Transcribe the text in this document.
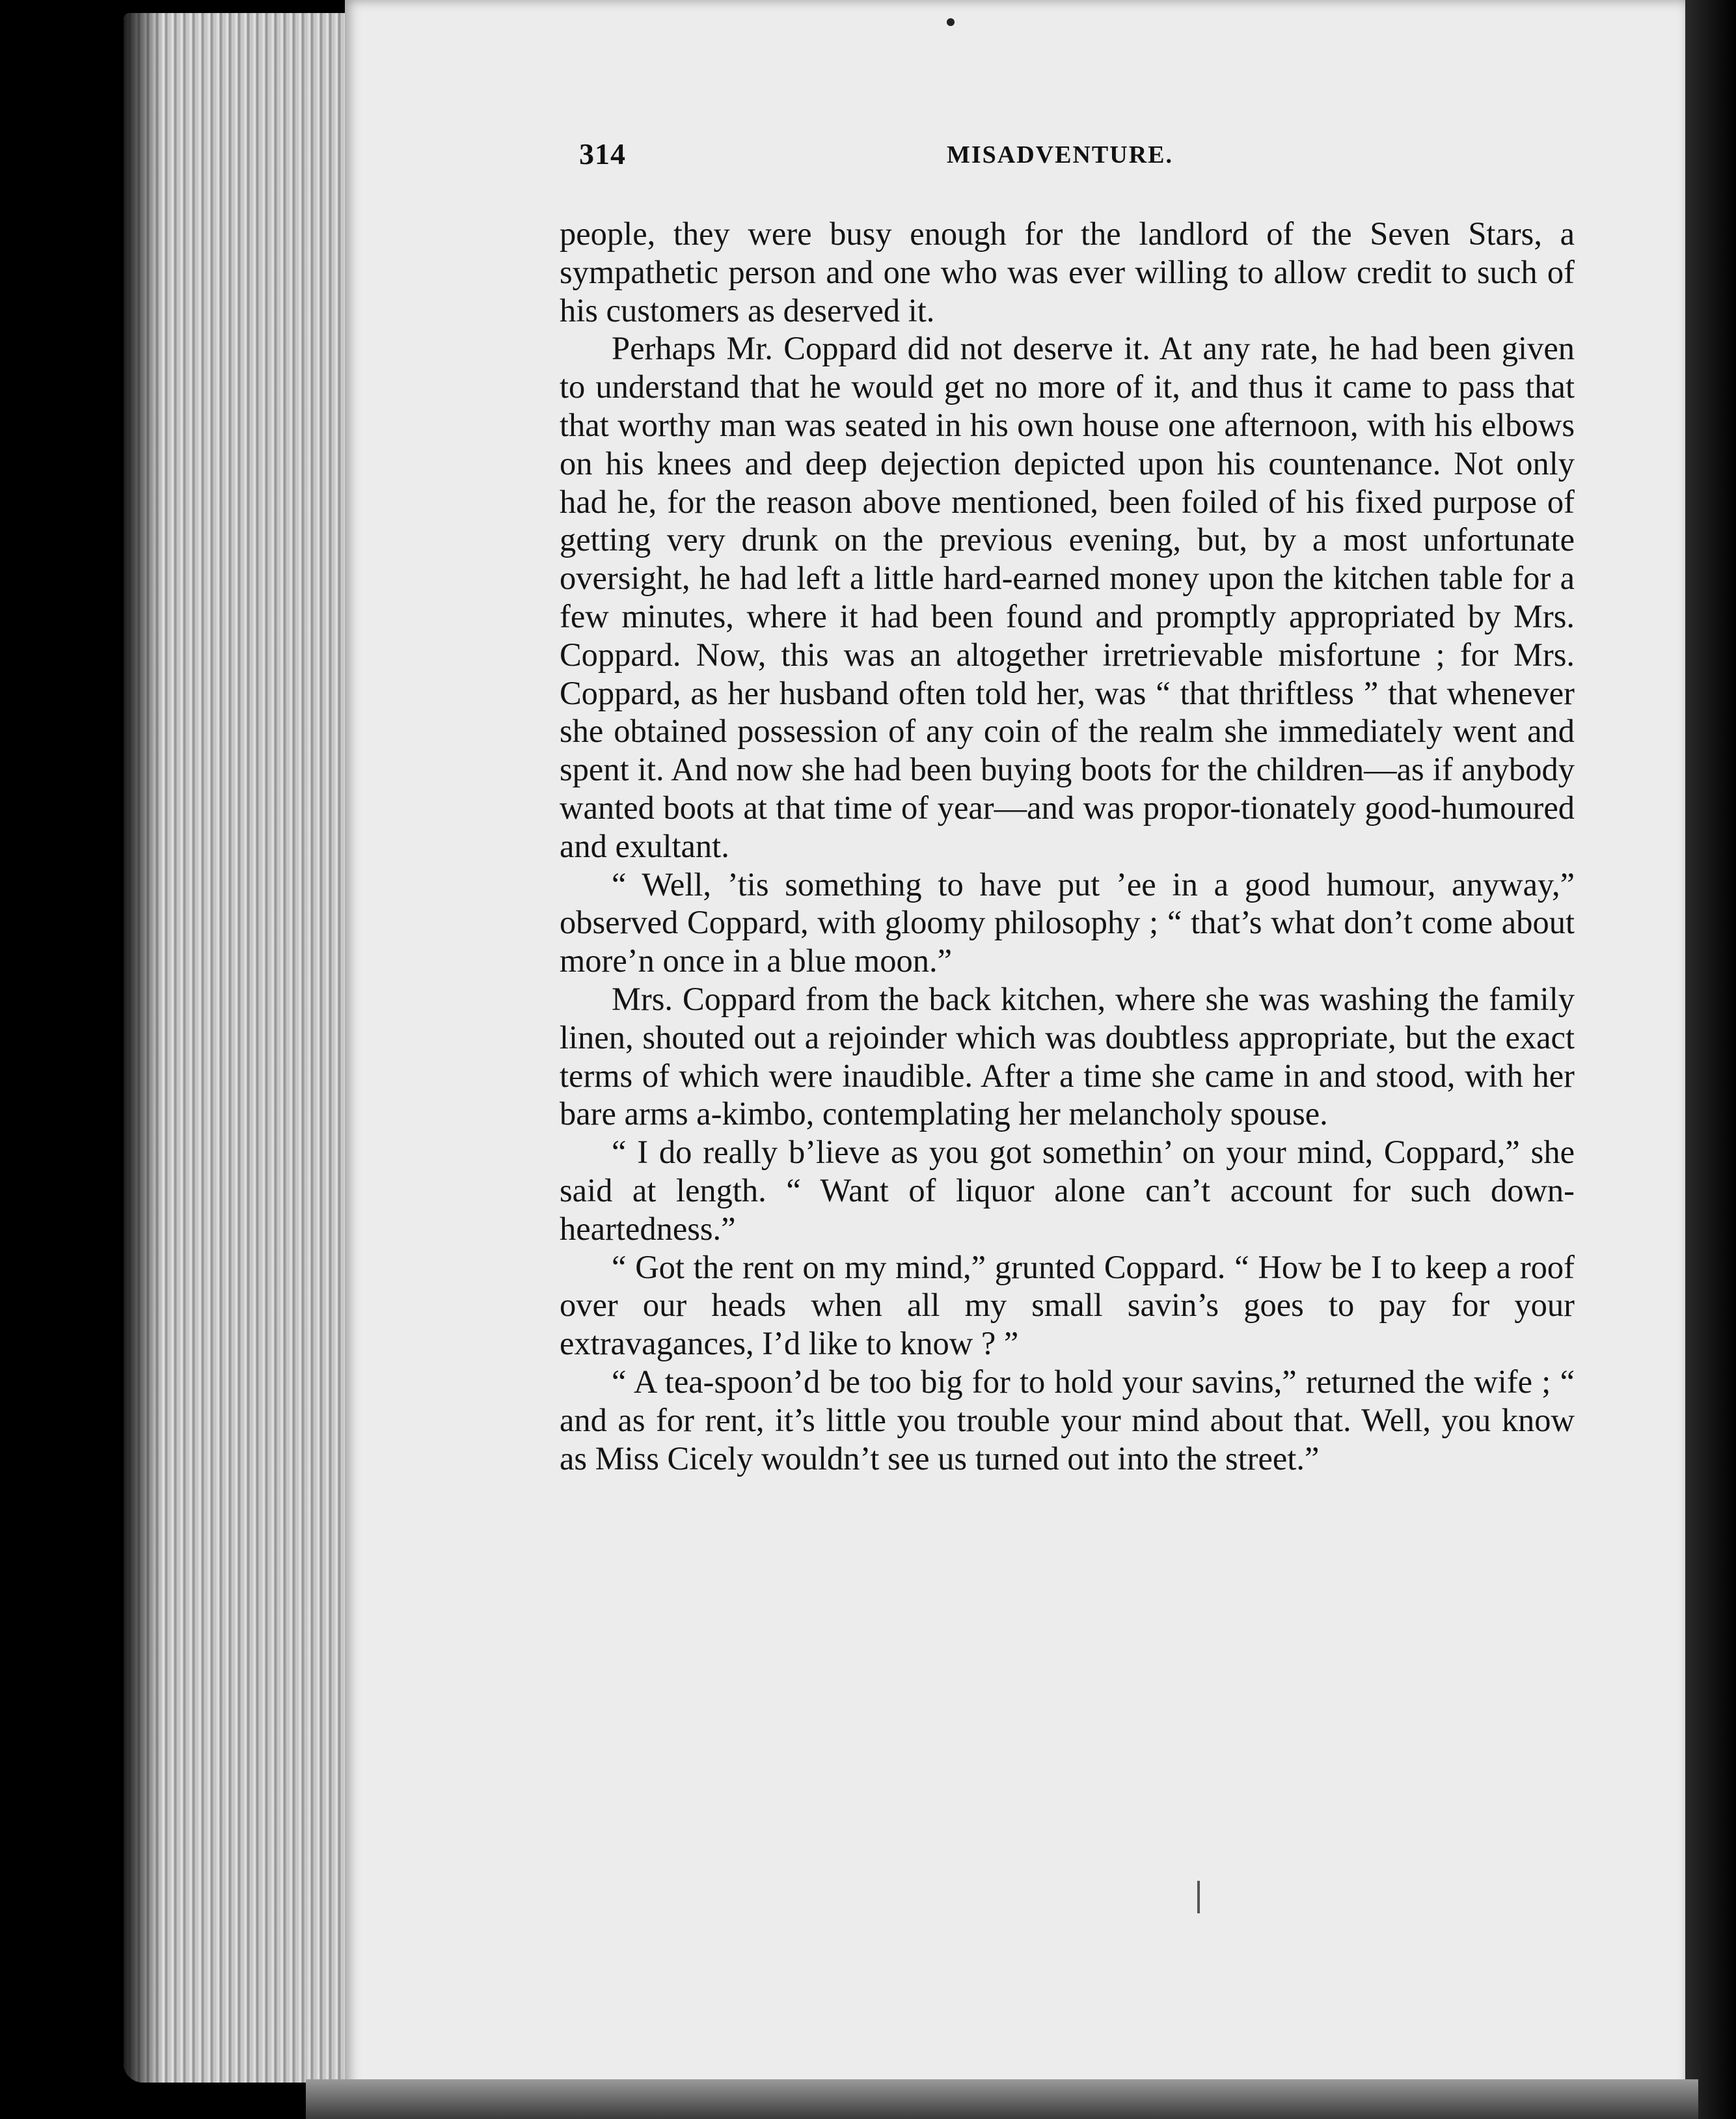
314	MISADVENTURE.

people, they were busy enough for the landlord of the Seven Stars, a sympathetic person and one who was ever willing to allow credit to such of his customers as deserved it.

Perhaps Mr. Coppard did not deserve it. At any rate, he had been given to understand that he would get no more of it, and thus it came to pass that that worthy man was seated in his own house one afternoon, with his elbows on his knees and deep dejection depicted upon his countenance. Not only had he, for the reason above mentioned, been foiled of his fixed purpose of getting very drunk on the previous evening, but, by a most unfortunate oversight, he had left a little hard-earned money upon the kitchen table for a few minutes, where it had been found and promptly appropriated by Mrs. Coppard. Now, this was an altogether irretrievable misfortune ; for Mrs. Coppard, as her husband often told her, was “ that thriftless ” that whenever she obtained possession of any coin of the realm she immediately went and spent it. And now she had been buying boots for the children—as if anybody wanted boots at that time of year—and was propor-tionately good-humoured and exultant.

“ Well, ’tis something to have put ’ee in a good humour, anyway,” observed Coppard, with gloomy philosophy ; “ that’s what don’t come about more’n once in a blue moon.”

Mrs. Coppard from the back kitchen, where she was washing the family linen, shouted out a rejoinder which was doubtless appropriate, but the exact terms of which were inaudible. After a time she came in and stood, with her bare arms a-kimbo, contemplating her melancholy spouse.

“ I do really b’lieve as you got somethin’ on your mind, Coppard,” she said at length. “ Want of liquor alone can’t account for such down-heartedness.”

“ Got the rent on my mind,” grunted Coppard. “ How be I to keep a roof over our heads when all my small savin’s goes to pay for your extravagances, I’d like to know ? ”

“ A tea-spoon’d be too big for to hold your savins,” returned the wife ; “ and as for rent, it’s little you trouble your mind about that. Well, you know as Miss Cicely wouldn’t see us turned out into the street.”
